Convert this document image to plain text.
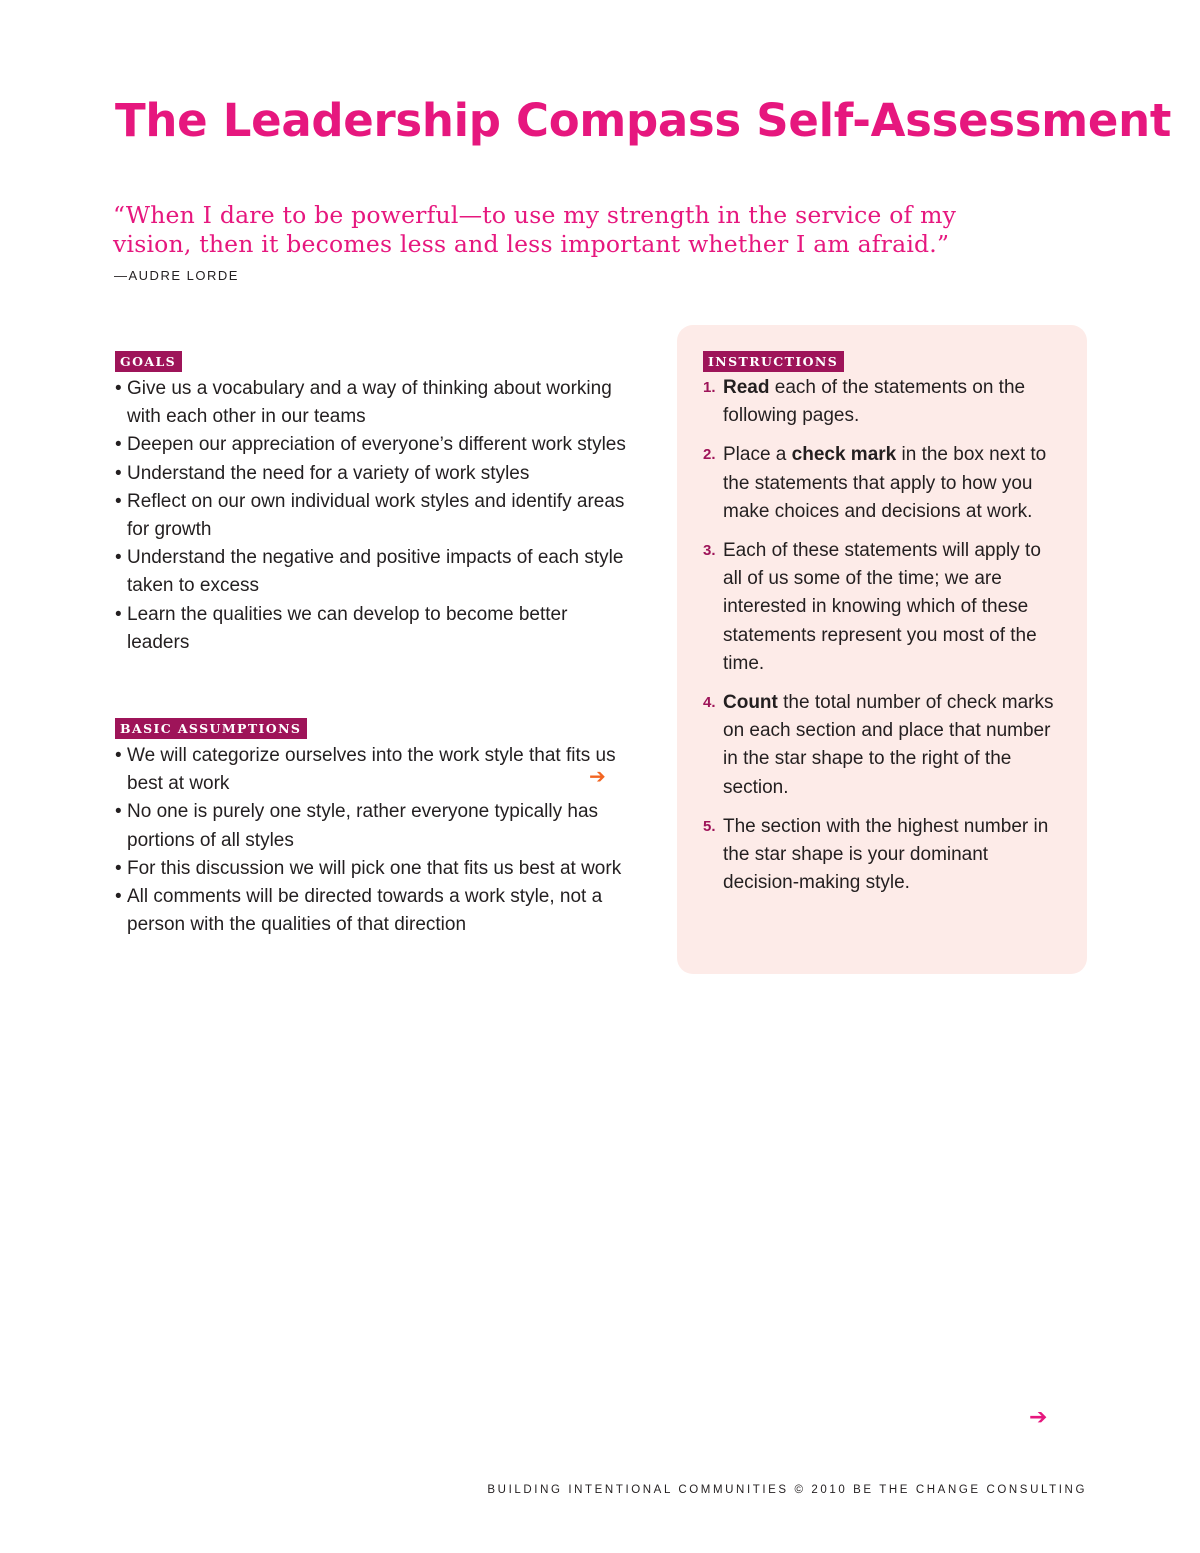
The Leadership Compass Self-Assessment
“When I dare to be powerful—to use my strength in the service of my
vision, then it becomes less and less important whether I am afraid.”
—AUDRE LORDE
GOALS
• Give us a vocabulary and a way of thinking about working with each other in our teams
• Deepen our appreciation of everyone’s different work styles
• Understand the need for a variety of work styles
• Reflect on our own individual work styles and identify areas for growth
• Understand the negative and positive impacts of each style taken to excess
• Learn the qualities we can develop to become better leaders
BASIC ASSUMPTIONS
• We will categorize ourselves into the work style that fits us best at work
• No one is purely one style, rather everyone typically has portions of all styles
• For this discussion we will pick one that fits us best at work
• All comments will be directed towards a work style, not a person with the qualities of that direction
➔
INSTRUCTIONS
1. Read each of the statements on the following pages.
2. Place a check mark in the box next to the statements that apply to how you make choices and decisions at work.
3. Each of these statements will apply to all of us some of the time; we are interested in knowing which of these statements represent you most of the time.
4. Count the total number of check marks on each section and place that number in the star shape to the right of the section.
5. The section with the highest number in the star shape is your dominant decision-making style.
➔
BUILDING INTENTIONAL COMMUNITIES © 2010 BE THE CHANGE CONSULTING
